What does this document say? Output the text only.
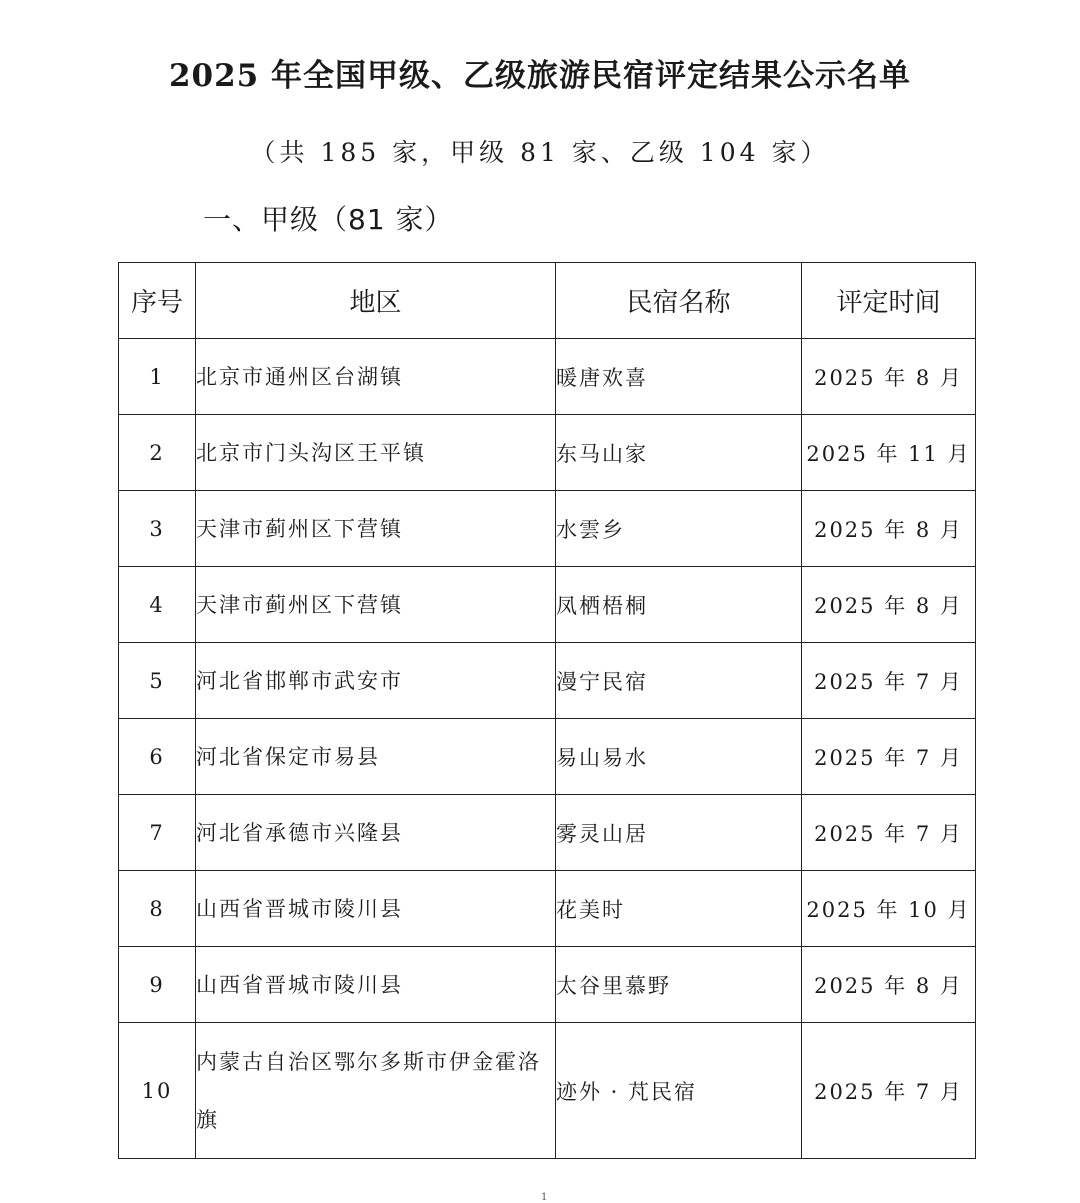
2025 年全国甲级、乙级旅游民宿评定结果公示名单
（共 185 家，甲级 81 家、乙级 104 家）
一、甲级（81 家）
序号	地区	民宿名称	评定时间
1	北京市通州区台湖镇	暖唐欢喜	2025 年 8 月
2	北京市门头沟区王平镇	东马山家	2025 年 11 月
3	天津市蓟州区下营镇	水雲乡	2025 年 8 月
4	天津市蓟州区下营镇	凤栖梧桐	2025 年 8 月
5	河北省邯郸市武安市	漫宁民宿	2025 年 7 月
6	河北省保定市易县	易山易水	2025 年 7 月
7	河北省承德市兴隆县	雾灵山居	2025 年 7 月
8	山西省晋城市陵川县	花美时	2025 年 10 月
9	山西省晋城市陵川县	太谷里慕野	2025 年 8 月
10	内蒙古自治区鄂尔多斯市伊金霍洛旗	迹外 · 芃民宿	2025 年 7 月
1
